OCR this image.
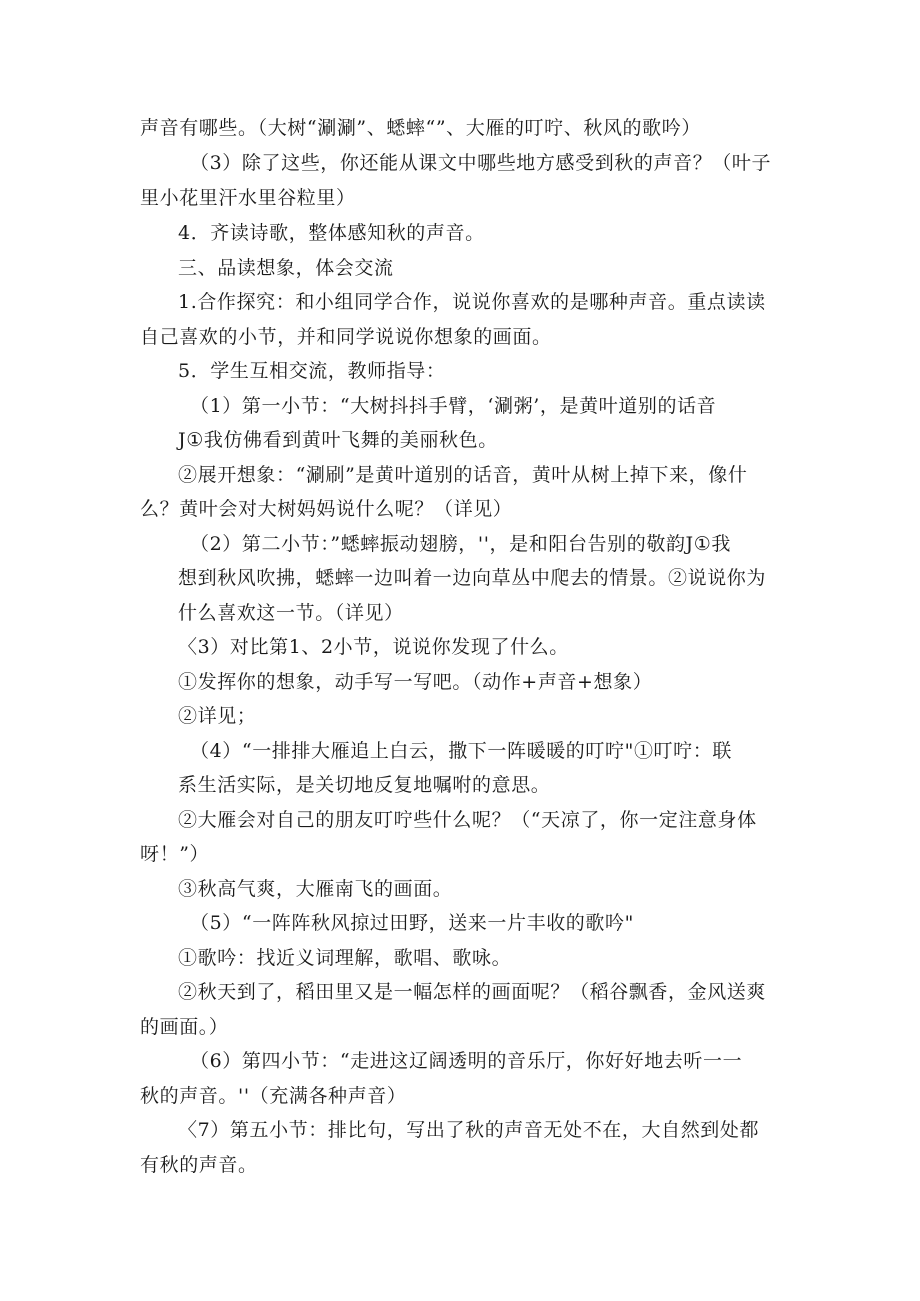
声音有哪些。（大树“涮涮”、蟋蟀“”、大雁的叮咛、秋风的歌吟）
（3）除了这些，你还能从课文中哪些地方感受到秋的声音？（叶子
里小花里汗水里谷粒里）
4．齐读诗歌，整体感知秋的声音。
三、品读想象，体会交流
1.合作探究：和小组同学合作，说说你喜欢的是哪种声音。重点读读
自己喜欢的小节，并和同学说说你想象的画面。
5．学生互相交流，教师指导：
（1）第一小节：“大树抖抖手臂，‘涮粥’，是黄叶道别的话音
J①我仿佛看到黄叶飞舞的美丽秋色。
②展开想象：“涮刷”是黄叶道别的话音，黄叶从树上掉下来，像什
么？黄叶会对大树妈妈说什么呢？（详见）
（2）第二小节：”蟋蟀振动翅膀，''，是和阳台告别的敬韵J①我
想到秋风吹拂，蟋蟀一边叫着一边向草丛中爬去的情景。②说说你为
什么喜欢这一节。（详见）
〈3）对比第1、2小节，说说你发现了什么。
①发挥你的想象，动手写一写吧。（动作+声音+想象）
②详见；
（4）“一排排大雁追上白云，撒下一阵暖暖的叮咛"①叮咛：联
系生活实际，是关切地反复地嘱咐的意思。
②大雁会对自己的朋友叮咛些什么呢？（“天凉了，你一定注意身体
呀！”）
③秋高气爽，大雁南飞的画面。
（5）“一阵阵秋风掠过田野，送来一片丰收的歌吟"
①歌吟：找近义词理解，歌唱、歌咏。
②秋天到了，稻田里又是一幅怎样的画面呢？（稻谷飘香，金风送爽
的画面。）
（6）第四小节：“走进这辽阔透明的音乐厅，你好好地去听一一
秋的声音。''（充满各种声音）
〈7）第五小节：排比句，写出了秋的声音无处不在，大自然到处都
有秋的声音。
